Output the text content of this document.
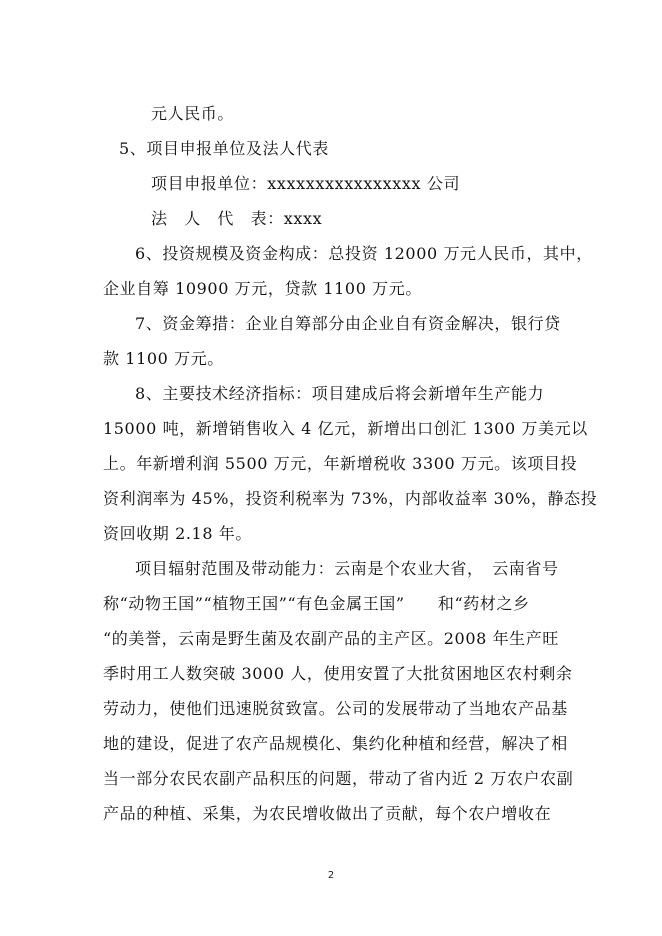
元人民币。
5、项目申报单位及法人代表
项目申报单位：xxxxxxxxxxxxxxxx 公司
法　人　代　表：xxxx
6、投资规模及资金构成：总投资 12000 万元人民币，其中，
企业自筹 10900 万元，贷款 1100 万元。
7、资金筹措：企业自筹部分由企业自有资金解决，银行贷
款 1100 万元。
8、主要技术经济指标：项目建成后将会新增年生产能力
15000 吨，新增销售收入 4 亿元，新增出口创汇 1300 万美元以
上。年新增利润 5500 万元，年新增税收 3300 万元。该项目投
资利润率为 45%，投资利税率为 73%，内部收益率 30%，静态投
资回收期 2.18 年。
项目辐射范围及带动能力：云南是个农业大省，　云南省号
称“动物王国”“植物王国”“有色金属王国”　　和“药材之乡
“的美誉，云南是野生菌及农副产品的主产区。2008 年生产旺
季时用工人数突破 3000 人，使用安置了大批贫困地区农村剩余
劳动力，使他们迅速脱贫致富。公司的发展带动了当地农产品基
地的建设，促进了农产品规模化、集约化种植和经营，解决了相
当一部分农民农副产品积压的问题，带动了省内近 2 万农户农副
产品的种植、采集，为农民增收做出了贡献，每个农户增收在
2
